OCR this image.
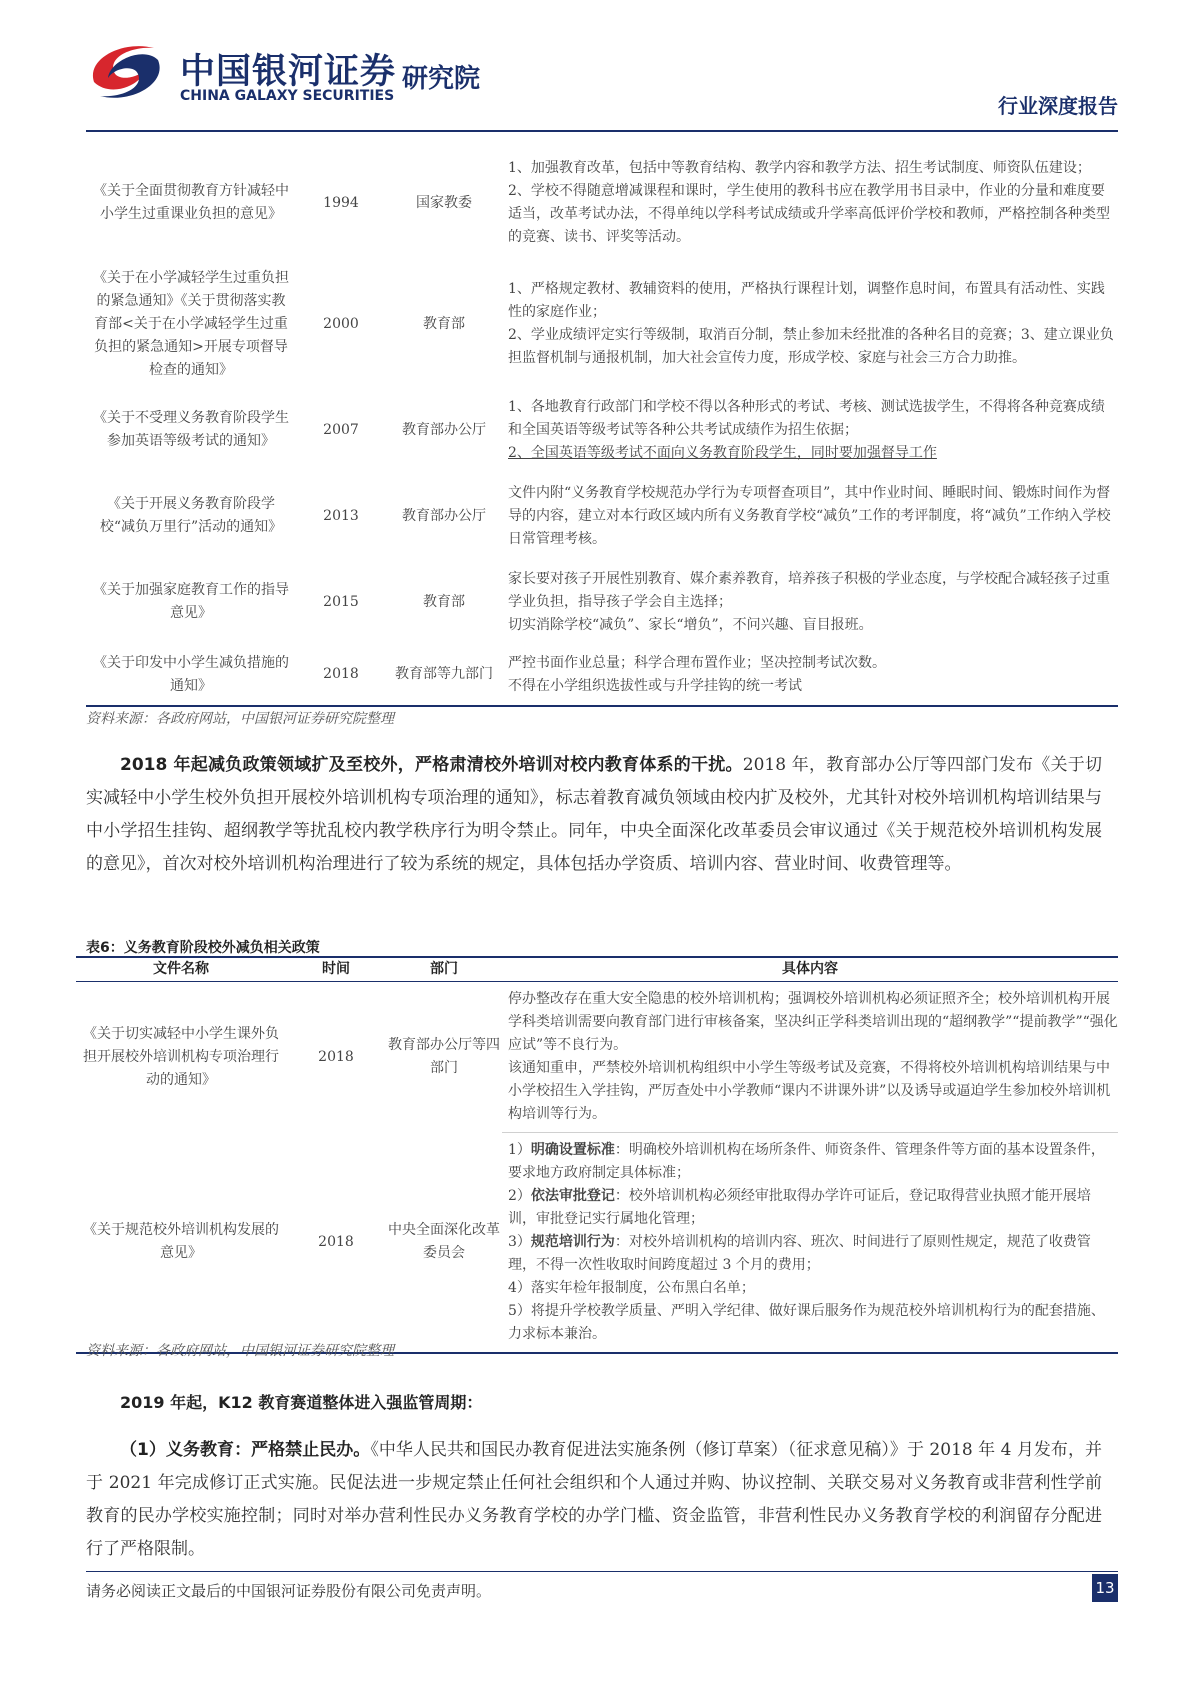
中国银河证券
CHINA GALAXY SECURITIES
研究院
行业深度报告
《关于全面贯彻教育方针减轻中小学生过重课业负担的意见》	1994	国家教委	1、加强教育改革，包括中等教育结构、教学内容和教学方法、招生考试制度、师资队伍建设；
2、学校不得随意增减课程和课时，学生使用的教科书应在教学用书目录中，作业的分量和难度要适当，改革考试办法，不得单纯以学科考试成绩或升学率高低评价学校和教师，严格控制各种类型的竞赛、读书、评奖等活动。

《关于在小学减轻学生过重负担的紧急通知》《关于贯彻落实教育部<关于在小学减轻学生过重负担的紧急通知>开展专项督导检查的通知》	2000	教育部	1、严格规定教材、教辅资料的使用，严格执行课程计划，调整作息时间，布置具有活动性、实践性的家庭作业；
2、学业成绩评定实行等级制，取消百分制，禁止参加未经批准的各种名目的竞赛；3、建立课业负担监督机制与通报机制，加大社会宣传力度，形成学校、家庭与社会三方合力助推。

《关于不受理义务教育阶段学生参加英语等级考试的通知》	2007	教育部办公厅	1、各地教育行政部门和学校不得以各种形式的考试、考核、测试选拔学生，不得将各种竞赛成绩和全国英语等级考试等各种公共考试成绩作为招生依据；
2、全国英语等级考试不面向义务教育阶段学生，同时要加强督导工作

《关于开展义务教育阶段学校“减负万里行”活动的通知》	2013	教育部办公厅	文件内附“义务教育学校规范办学行为专项督查项目”，其中作业时间、睡眠时间、锻炼时间作为督导的内容，建立对本行政区域内所有义务教育学校“减负”工作的考评制度，将“减负”工作纳入学校日常管理考核。

《关于加强家庭教育工作的指导意见》	2015	教育部	家长要对孩子开展性别教育、媒介素养教育，培养孩子积极的学业态度，与学校配合减轻孩子过重学业负担，指导孩子学会自主选择；
切实消除学校“减负”、家长“增负”，不问兴趣、盲目报班。

《关于印发中小学生减负措施的通知》	2018	教育部等九部门	严控书面作业总量；科学合理布置作业；坚决控制考试次数。
不得在小学组织选拔性或与升学挂钩的统一考试
资料来源：各政府网站，中国银河证券研究院整理
2018 年起减负政策领域扩及至校外，严格肃清校外培训对校内教育体系的干扰。2018 年，教育部办公厅等四部门发布《关于切实减轻中小学生校外负担开展校外培训机构专项治理的通知》，标志着教育减负领域由校内扩及校外，尤其针对校外培训机构培训结果与中小学招生挂钩、超纲教学等扰乱校内教学秩序行为明令禁止。同年，中央全面深化改革委员会审议通过《关于规范校外培训机构发展的意见》，首次对校外培训机构治理进行了较为系统的规定，具体包括办学资质、培训内容、营业时间、收费管理等。
表6：义务教育阶段校外减负相关政策
文件名称	时间	部门	具体内容
《关于切实减轻中小学生课外负担开展校外培训机构专项治理行动的通知》	2018	教育部办公厅等四部门	停办整改存在重大安全隐患的校外培训机构；强调校外培训机构必须证照齐全；校外培训机构开展学科类培训需要向教育部门进行审核备案，坚决纠正学科类培训出现的“超纲教学”“提前教学”“强化应试”等不良行为。
该通知重申，严禁校外培训机构组织中小学生等级考试及竞赛，不得将校外培训机构培训结果与中小学校招生入学挂钩，严厉查处中小学教师“课内不讲课外讲”以及诱导或逼迫学生参加校外培训机构培训等行为。

《关于规范校外培训机构发展的意见》	2018	中央全面深化改革委员会	1）明确设置标准：明确校外培训机构在场所条件、师资条件、管理条件等方面的基本设置条件，要求地方政府制定具体标准；
2）依法审批登记：校外培训机构必须经审批取得办学许可证后，登记取得营业执照才能开展培训，审批登记实行属地化管理；
3）规范培训行为：对校外培训机构的培训内容、班次、时间进行了原则性规定，规范了收费管理，不得一次性收取时间跨度超过 3 个月的费用；
4）落实年检年报制度，公布黑白名单；
5）将提升学校教学质量、严明入学纪律、做好课后服务作为规范校外培训机构行为的配套措施、力求标本兼治。
资料来源：各政府网站，中国银河证券研究院整理
2019 年起，K12 教育赛道整体进入强监管周期：
（1）义务教育：严格禁止民办。《中华人民共和国民办教育促进法实施条例（修订草案）（征求意见稿）》于 2018 年 4 月发布，并于 2021 年完成修订正式实施。民促法进一步规定禁止任何社会组织和个人通过并购、协议控制、关联交易对义务教育或非营利性学前教育的民办学校实施控制；同时对举办营利性民办义务教育学校的办学门槛、资金监管，非营利性民办义务教育学校的利润留存分配进行了严格限制。
请务必阅读正文最后的中国银河证券股份有限公司免责声明。	13
